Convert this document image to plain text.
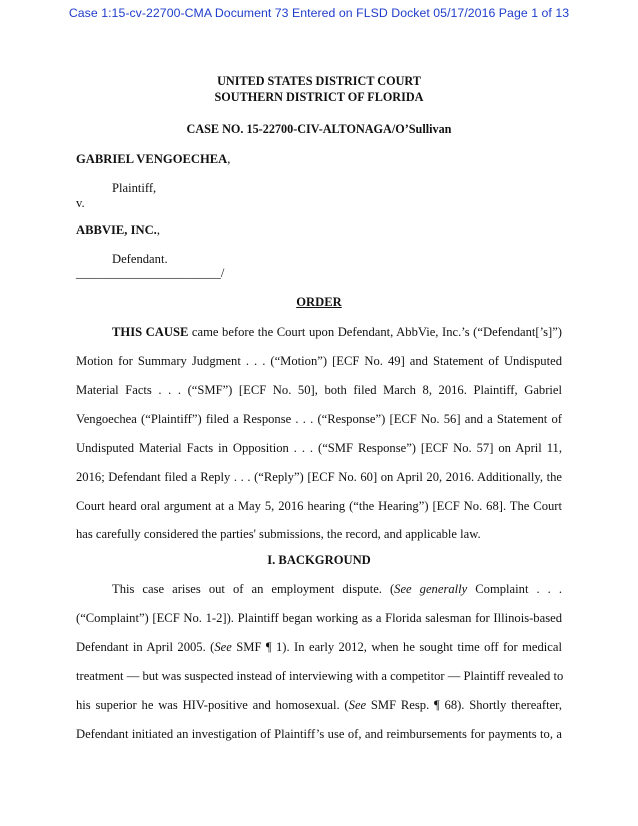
Case 1:15-cv-22700-CMA Document 73 Entered on FLSD Docket 05/17/2016 Page 1 of 13
UNITED STATES DISTRICT COURT
SOUTHERN DISTRICT OF FLORIDA
CASE NO. 15-22700-CIV-ALTONAGA/O’Sullivan
GABRIEL VENGOECHEA,
Plaintiff,
v.
ABBVIE, INC.,
Defendant.
_______________________/
ORDER
THIS CAUSE came before the Court upon Defendant, AbbVie, Inc.’s (“Defendant[’s]”)
Motion for Summary Judgment . . . (“Motion”) [ECF No. 49] and Statement of Undisputed
Material Facts . . . (“SMF”) [ECF No. 50], both filed March 8, 2016. Plaintiff, Gabriel
Vengoechea (“Plaintiff”) filed a Response . . . (“Response”) [ECF No. 56] and a Statement of
Undisputed Material Facts in Opposition . . . (“SMF Response”) [ECF No. 57] on April 11,
2016; Defendant filed a Reply . . . (“Reply”) [ECF No. 60] on April 20, 2016. Additionally, the
Court heard oral argument at a May 5, 2016 hearing (“the Hearing”) [ECF No. 68]. The Court
has carefully considered the parties' submissions, the record, and applicable law.
I. BACKGROUND
This case arises out of an employment dispute. (See generally Complaint . . .
(“Complaint”) [ECF No. 1-2]). Plaintiff began working as a Florida salesman for Illinois-based
Defendant in April 2005. (See SMF ¶ 1). In early 2012, when he sought time off for medical
treatment — but was suspected instead of interviewing with a competitor — Plaintiff revealed to
his superior he was HIV-positive and homosexual. (See SMF Resp. ¶ 68). Shortly thereafter,
Defendant initiated an investigation of Plaintiff’s use of, and reimbursements for payments to, a
